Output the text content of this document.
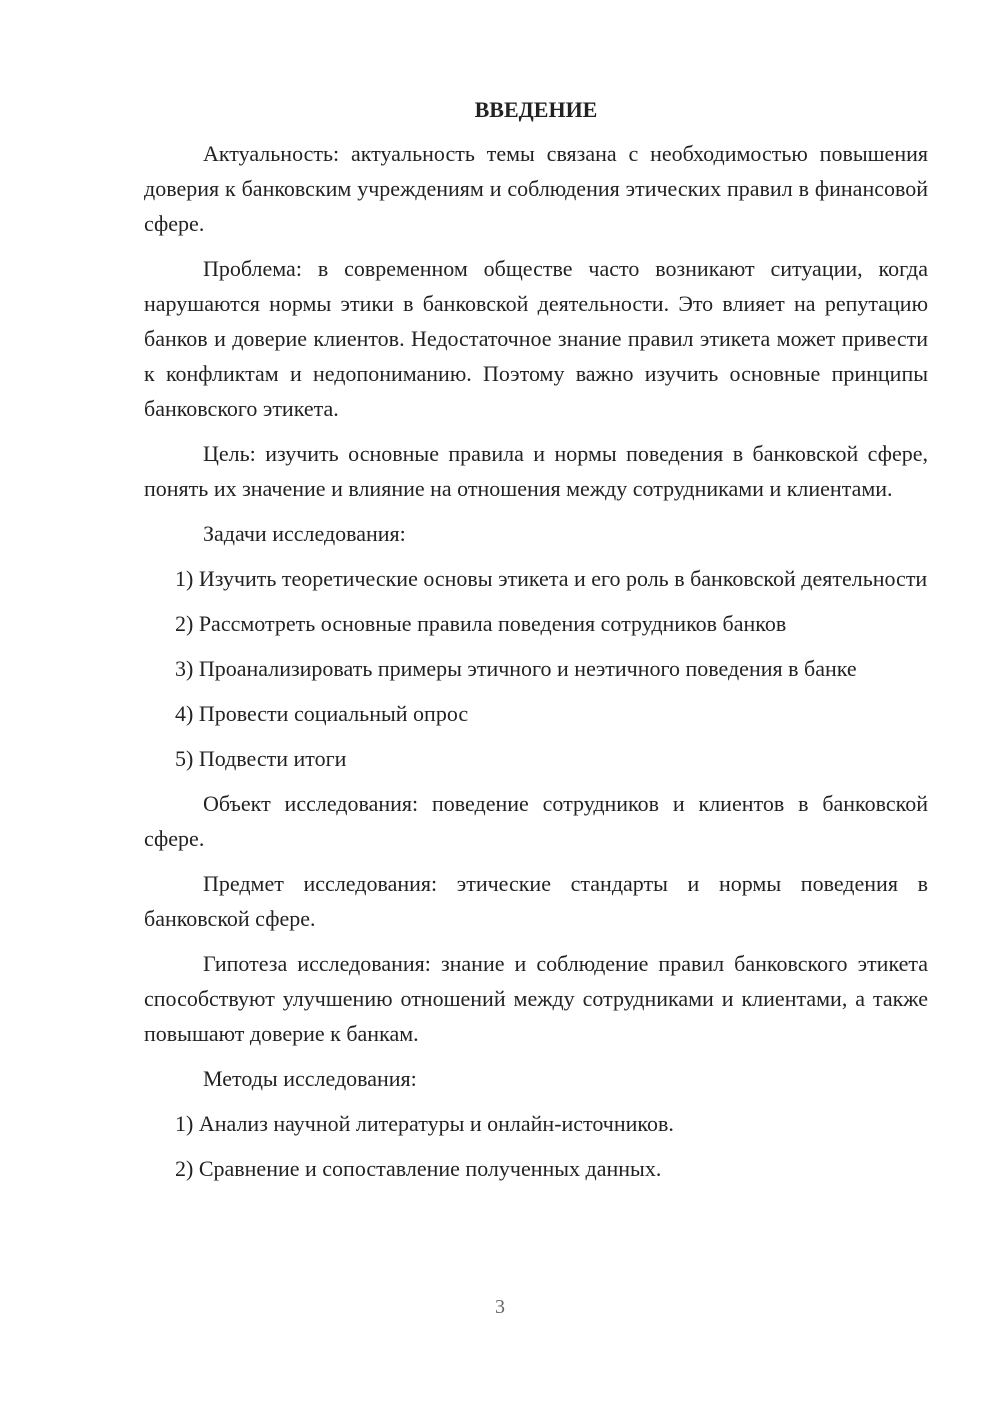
ВВЕДЕНИЕ

Актуальность: актуальность темы связана с необходимостью повышения доверия к банковским учреждениям и соблюдения этических правил в финансовой сфере.

Проблема: в современном обществе часто возникают ситуации, когда нарушаются нормы этики в банковской деятельности. Это влияет на репутацию банков и доверие клиентов. Недостаточное знание правил этикета может привести к конфликтам и недопониманию. Поэтому важно изучить основные принципы банковского этикета.

Цель: изучить основные правила и нормы поведения в банковской сфере, понять их значение и влияние на отношения между сотрудниками и клиентами.

Задачи исследования:

1) Изучить теоретические основы этикета и его роль в банковской деятельности

2) Рассмотреть основные правила поведения сотрудников банков

3) Проанализировать примеры этичного и неэтичного поведения в банке

4) Провести социальный опрос

5) Подвести итоги

Объект исследования: поведение сотрудников и клиентов в банковской сфере.

Предмет исследования: этические стандарты и нормы поведения в банковской сфере.

Гипотеза исследования: знание и соблюдение правил банковского этикета способствуют улучшению отношений между сотрудниками и клиентами, а также повышают доверие к банкам.

Методы исследования:

1) Анализ научной литературы и онлайн-источников.

2) Сравнение и сопоставление полученных данных.

3
